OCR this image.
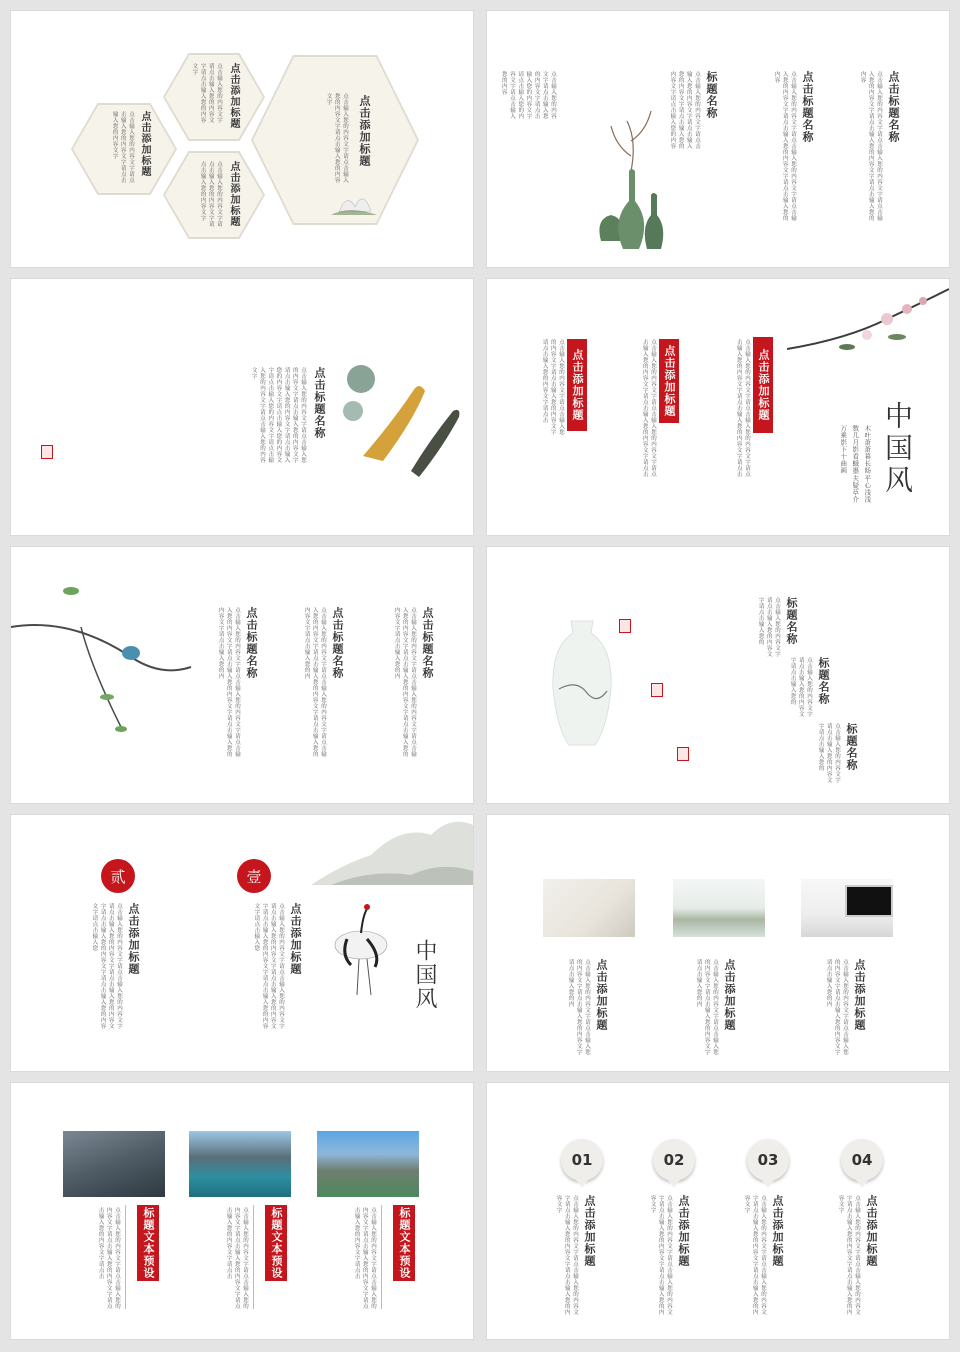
点击添加标题
点击输入您的内容文字请点击输入您的内容文字请点击输入您的内容文字
点击添加标题
点击输入您的内容文字请点击输入您的内容文字请点击输入您的内容文字
点击添加标题
点击输入您的内容文字请点击输入您的内容文字请点击输入您的内容文字
点击添加标题
点击输入您的内容文字请点击输入您的内容文字请点击输入您的内容文字
点击标题名称
点击输入您的内容文字请点击输入您的内容文字请点击输入您的内容文字请点击输入您的内容文字请点击输入您的内容
点击标题名称
点击输入您的内容文字请点击输入您的内容文字请点击输入您的内容文字请点击输入您的内容文字请点击输入您的内容
标题名称
点击输入您的内容文字请点击输入您的内容文字请点击输入您的内容文字请点击输入您的内容文字请点击输入您的内容
点击输入您的内容文字请点击输入您的内容文字请点击输入您的内容文字请点击输入您的内容文字请点击输入您的内容
点击标题名称
点击输入您的内容文字请点击输入您的内容文字请点击输入您的内容文字请点击输入您的内容文字请点击输入您的内容文字请点击输入您的内容文字请点击输入您的内容文字请点击输入您的内容文字请点击输入您的内容文字	点击添加标题
点击输入您的内容文字请点击输入您的内容文字请点击输入您的内容文字请点击输入您的内容文字请点击
点击添加标题
点击输入您的内容文字请点击输入您的内容文字请点击输入您的内容文字请点击输入您的内容文字请点击
点击添加标题
点击输入您的内容文字请点击输入您的内容文字请点击输入您的内容文字请点击输入您的内容文字请点击
中国风
木叶萧萧暮长旸
平心浅浅
数几月影看蛾墨
夫疑草介
万乘影下十曲画
点击标题名称
点击输入您的内容文字请点击输入您的内容文字请点击输入您的内容文字请点击输入您的内容文字请点击输入您的内容文字请点击输入您的内
点击标题名称
点击输入您的内容文字请点击输入您的内容文字请点击输入您的内容文字请点击输入您的内容文字请点击输入您的内容文字请点击输入您的内
点击标题名称
点击输入您的内容文字请点击输入您的内容文字请点击输入您的内容文字请点击输入您的内容文字请点击输入您的内容文字请点击输入您的内	标题名称
点击输入您的内容文字请点击输入您的内容文字请点击输入您的
标题名称
点击输入您的内容文字请点击输入您的内容文字请点击输入您的
标题名称
点击输入您的内容文字请点击输入您的内容文字请点击输入您的
贰	壹
点击添加标题
点击输入您的内容文字请点击输入您的内容文字请点击输入您的内容文字请点击输入您的内容文字请点击输入您的内容文字请点击输入您的内容文字请点击输入您	点击添加标题
点击输入您的内容文字请点击输入您的内容文字请点击输入您的内容文字请点击输入您的内容文字请点击输入您的内容文字请点击输入您的内容文字请点击输入您
中国风	点击添加标题
点击输入您的内容文字请点击输入您的内容文字请点击输入您的内容文字请点击输入您的内	点击添加标题
点击输入您的内容文字请点击输入您的内容文字请点击输入您的内容文字请点击输入您的内	点击添加标题
点击输入您的内容文字请点击输入您的内容文字请点击输入您的内容文字请点击输入您的内
标题文本预设
点击输入您的内容文字请点击输入您的内容文字请点击输入您的内容文字请点击输入您的内容文字请点击	标题文本预设
点击输入您的内容文字请点击输入您的内容文字请点击输入您的内容文字请点击输入您的内容文字请点击	标题文本预设
点击输入您的内容文字请点击输入您的内容文字请点击输入您的内容文字请点击输入您的内容文字请点击
01	02	03	04
点击添加标题
点击输入您的内容文字请点击输入您的内容文字请点击输入您的内容文字请点击输入您的内容文字	点击添加标题
点击输入您的内容文字请点击输入您的内容文字请点击输入您的内容文字请点击输入您的内容文字	点击添加标题
点击输入您的内容文字请点击输入您的内容文字请点击输入您的内容文字请点击输入您的内容文字	点击添加标题
点击输入您的内容文字请点击输入您的内容文字请点击输入您的内容文字请点击输入您的内容文字
